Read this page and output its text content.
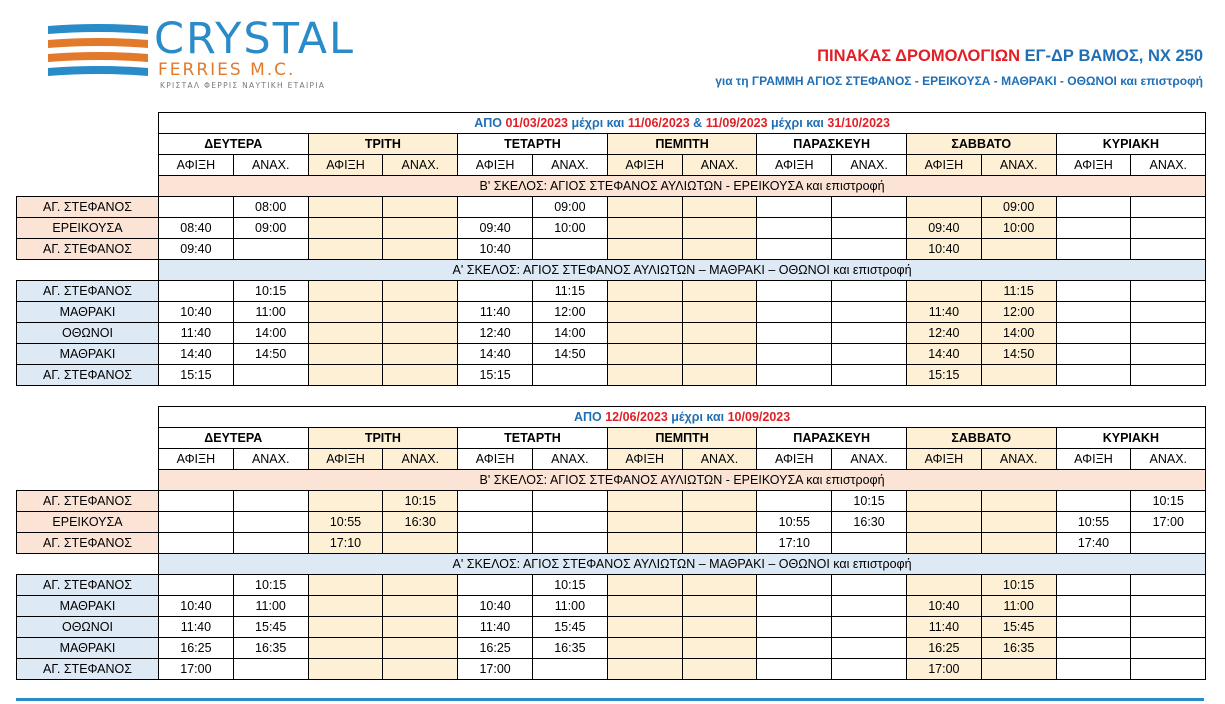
CRYSTAL
FERRIES M.C.
ΚΡΙΣΤΑΛ ΦΕΡΡΙΣ ΝΑΥΤΙΚΗ ΕΤΑΙΡΙΑ
ΠΙΝΑΚΑΣ ΔΡΟΜΟΛΟΓΙΩΝ ΕΓ-ΔΡ ΒΑΜΟΣ, ΝΧ 250
για τη ΓΡΑΜΜΗ ΑΓΙΟΣ ΣΤΕΦΑΝΟΣ - ΕΡΕΙΚΟΥΣΑ - ΜΑΘΡΑΚΙ - ΟΘΩΝΟΙ και επιστροφή
	ΑΠΟ 01/03/2023 μέχρι και 11/06/2023 & 11/09/2023 μέχρι και 31/10/2023													
	ΔΕΥΤΕΡΑ		ΤΡΙΤΗ		ΤΕΤΑΡΤΗ		ΠΕΜΠΤΗ		ΠΑΡΑΣΚΕΥΗ		ΣΑΒΒΑΤΟ		ΚΥΡΙΑΚΗ	
	ΑΦΙΞΗ	ΑΝΑΧ.	ΑΦΙΞΗ	ΑΝΑΧ.	ΑΦΙΞΗ	ΑΝΑΧ.	ΑΦΙΞΗ	ΑΝΑΧ.	ΑΦΙΞΗ	ΑΝΑΧ.	ΑΦΙΞΗ	ΑΝΑΧ.	ΑΦΙΞΗ	ΑΝΑΧ.
	Β' ΣΚΕΛΟΣ: ΑΓΙΟΣ ΣΤΕΦΑΝΟΣ ΑΥΛΙΩΤΩΝ - ΕΡΕΙΚΟΥΣΑ και επιστροφή													
ΑΓ. ΣΤΕΦΑΝΟΣ		08:00				09:00						09:00		
ΕΡΕΙΚΟΥΣΑ	08:40	09:00			09:40	10:00					09:40	10:00		
ΑΓ. ΣΤΕΦΑΝΟΣ	09:40				10:40						10:40			
	Α' ΣΚΕΛΟΣ: ΑΓΙΟΣ ΣΤΕΦΑΝΟΣ ΑΥΛΙΩΤΩΝ – ΜΑΘΡΑΚΙ – ΟΘΩΝΟΙ και επιστροφή													
ΑΓ. ΣΤΕΦΑΝΟΣ		10:15				11:15						11:15		
ΜΑΘΡΑΚΙ	10:40	11:00			11:40	12:00					11:40	12:00		
ΟΘΩΝΟΙ	11:40	14:00			12:40	14:00					12:40	14:00		
ΜΑΘΡΑΚΙ	14:40	14:50			14:40	14:50					14:40	14:50		
ΑΓ. ΣΤΕΦΑΝΟΣ	15:15				15:15						15:15			
	ΑΠΟ 12/06/2023 μέχρι και 10/09/2023													
	ΔΕΥΤΕΡΑ		ΤΡΙΤΗ		ΤΕΤΑΡΤΗ		ΠΕΜΠΤΗ		ΠΑΡΑΣΚΕΥΗ		ΣΑΒΒΑΤΟ		ΚΥΡΙΑΚΗ	
	ΑΦΙΞΗ	ΑΝΑΧ.	ΑΦΙΞΗ	ΑΝΑΧ.	ΑΦΙΞΗ	ΑΝΑΧ.	ΑΦΙΞΗ	ΑΝΑΧ.	ΑΦΙΞΗ	ΑΝΑΧ.	ΑΦΙΞΗ	ΑΝΑΧ.	ΑΦΙΞΗ	ΑΝΑΧ.
	Β' ΣΚΕΛΟΣ: ΑΓΙΟΣ ΣΤΕΦΑΝΟΣ ΑΥΛΙΩΤΩΝ - ΕΡΕΙΚΟΥΣΑ και επιστροφή													
ΑΓ. ΣΤΕΦΑΝΟΣ				10:15						10:15				10:15
ΕΡΕΙΚΟΥΣΑ			10:55	16:30					10:55	16:30			10:55	17:00
ΑΓ. ΣΤΕΦΑΝΟΣ			17:10						17:10				17:40	
	Α' ΣΚΕΛΟΣ: ΑΓΙΟΣ ΣΤΕΦΑΝΟΣ ΑΥΛΙΩΤΩΝ – ΜΑΘΡΑΚΙ – ΟΘΩΝΟΙ και επιστροφή													
ΑΓ. ΣΤΕΦΑΝΟΣ		10:15				10:15						10:15		
ΜΑΘΡΑΚΙ	10:40	11:00			10:40	11:00					10:40	11:00		
ΟΘΩΝΟΙ	11:40	15:45			11:40	15:45					11:40	15:45		
ΜΑΘΡΑΚΙ	16:25	16:35			16:25	16:35					16:25	16:35		
ΑΓ. ΣΤΕΦΑΝΟΣ	17:00				17:00						17:00			
